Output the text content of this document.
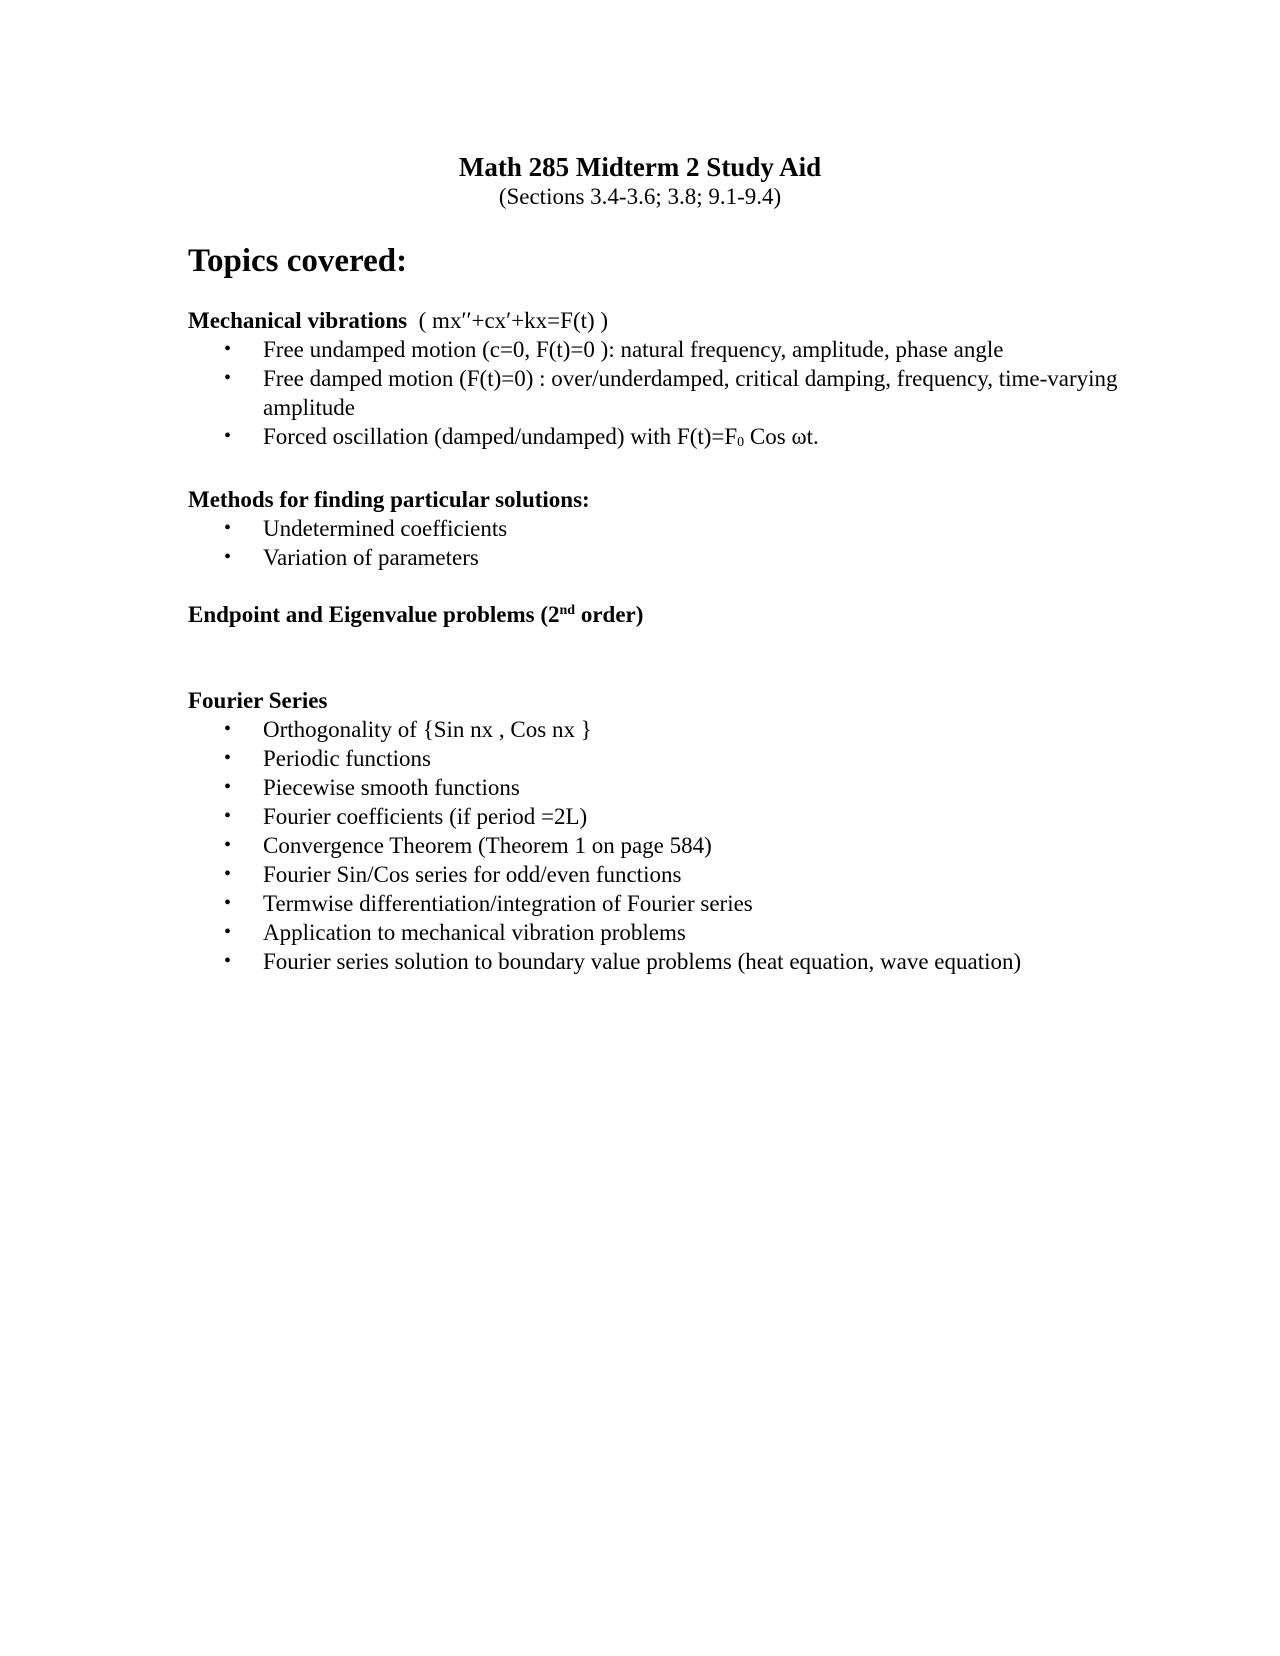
Math 285 Midterm 2 Study Aid

(Sections 3.4-3.6; 3.8; 9.1-9.4)

Topics covered:

Mechanical vibrations ( mx′′+cx′+kx=F(t) )

• Free undamped motion (c=0, F(t)=0 ): natural frequency, amplitude, phase angle
• Free damped motion (F(t)=0) : over/underdamped, critical damping, frequency, time-varying amplitude
• Forced oscillation (damped/undamped) with $F(t)=F_0$ Cos ωt.

Methods for finding particular solutions:

• Undetermined coefficients
• Variation of parameters

Endpoint and Eigenvalue problems (2nd order)

Fourier Series

• Orthogonality of {Sin nx , Cos nx }
• Periodic functions
• Piecewise smooth functions
• Fourier coefficients (if period =2L)
• Convergence Theorem (Theorem 1 on page 584)
• Fourier Sin/Cos series for odd/even functions
• Termwise differentiation/integration of Fourier series
• Application to mechanical vibration problems
• Fourier series solution to boundary value problems (heat equation, wave equation)
